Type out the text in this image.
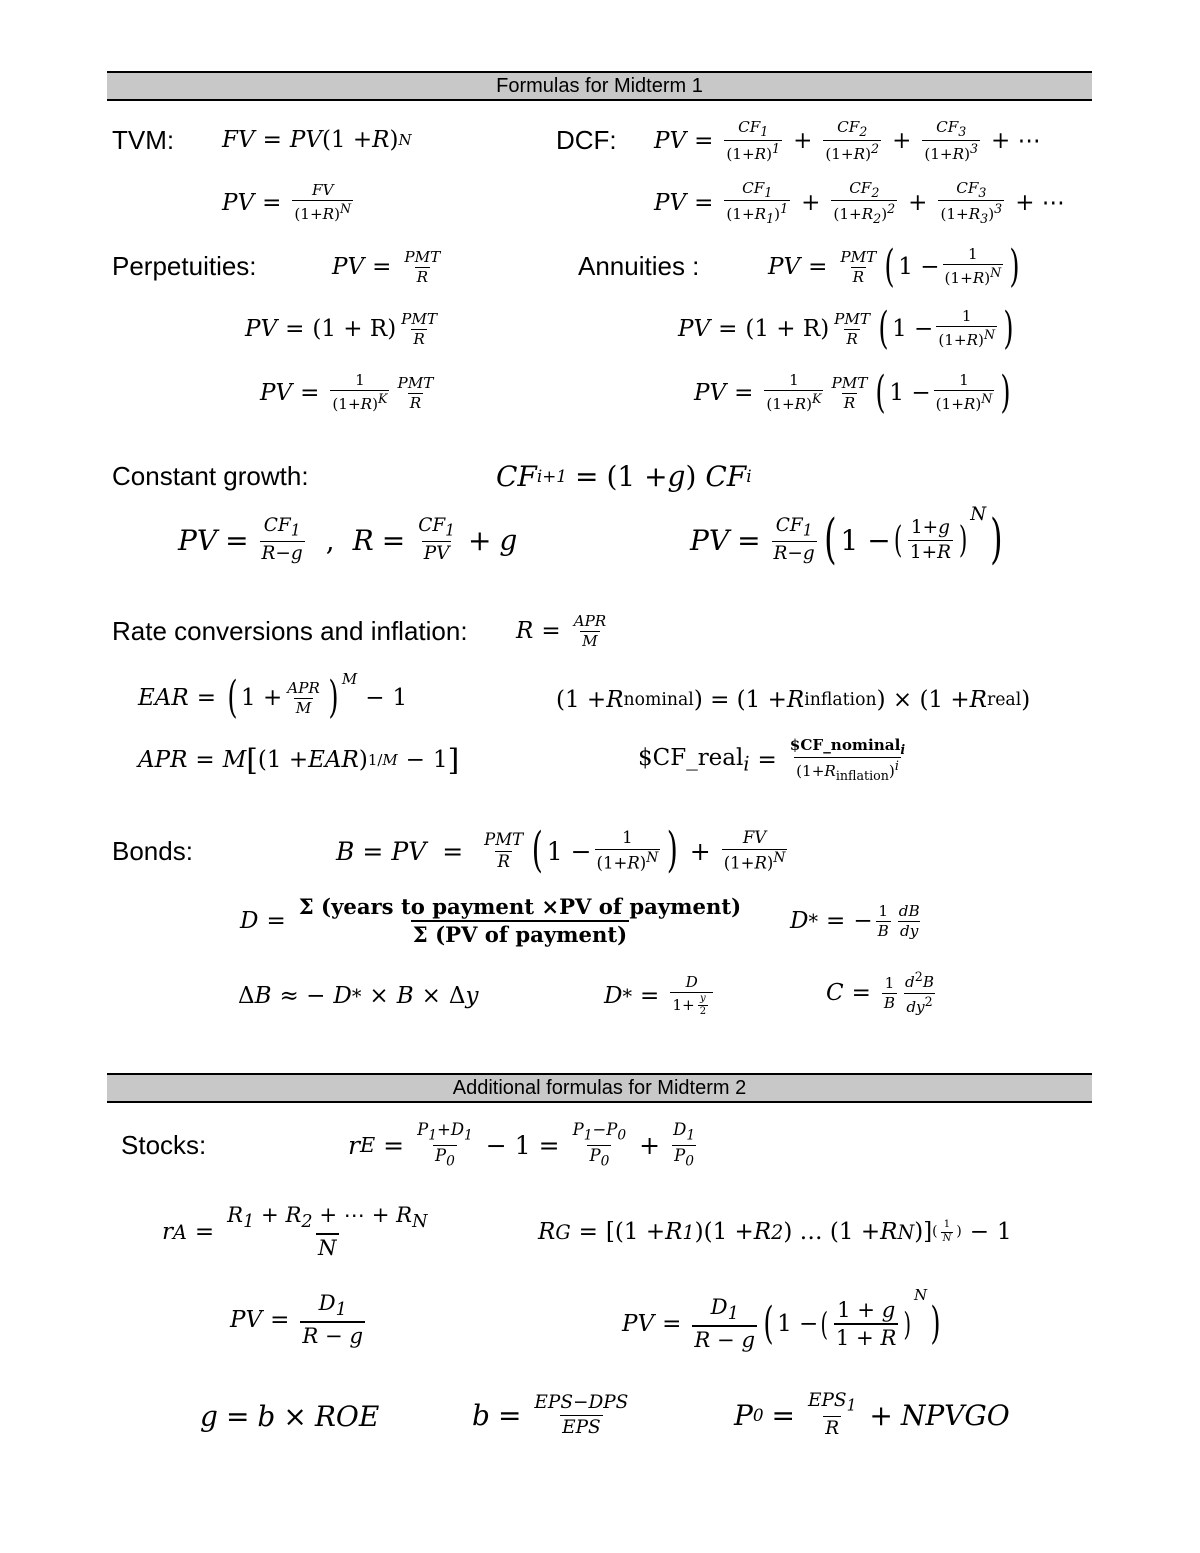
Formulas for Midterm 1
TVM: FV = PV (1 + R ) N
PV = $\frac{FV}{(1+R)^N}$
DCF: PV = $\frac{CF_1}{(1+R)^1} + \frac{CF_2}{(1+R)^2} + \frac{CF_3}{(1+R)^3}$ + ⋯
PV = $\frac{CF_1}{(1+R_1)^1} + \frac{CF_2}{(1+R_2)^2} + \frac{CF_3}{(1+R_3)^3}$ + ⋯
Perpetuities:	PV = PMT
R
PV = (1 + R) PMT
R
PV = $\frac{1}{(1+R)^K}$ PMT
R
Annuities :	PV = PMT
R ( $1 - \frac{1}{(1+R)^N}$ )
PV = (1 + R) PMT
R ( $1 - \frac{1}{(1+R)^N}$ )
PV = $\frac{1}{(1+R)^K}$ PMT
R ( $1 - \frac{1}{(1+R)^N}$ )
Constant growth:	CF i+1 = (1 + g ) CF i
PV = $\frac{CF_1}{R-g}$ , $R = \frac{CF_1}{PV} + g$	PV = $\frac{CF_1}{R-g}$ ( 1 − ( 1+g
1+R )
$^N$ )
Rate conversions and inflation: R = APR
M
EAR = ( 1 + APR
M )$^M$
− 1	(1 + R nominal ) = (1 + R inflation ) × (1 + R real )
APR = M [ (1 + EAR ) 1/M − 1 ]	$CF_real$_i$ =
$CF_nominal$_i$
$(1+R_{inflation})^i$
Bonds:	B = PV = PMT
R ( $1 - \frac{1}{(1+R)^N}$ ) + $\frac{FV}{(1+R)^N}$
D =
Σ (years to payment ×PV of payment)
Σ (PV of payment)
D * = − $\frac{1}{B}$ dB
dy
Δ B ≈ − D * × B × Δ y	D * = $\frac{D}{1+ \frac{y}{2}}$	$C = \frac{1}{B} d^2B$
$dy^2$
Additional formulas for Midterm 2
Stocks:	r $E = \frac{P_1+D_1}{P_0} - 1 = \frac{P_1-P_0}{P_0} + \frac{D_1}{P_0}$
r $A = \frac{R_1 + R_2 + \cdots + R_N}{N}$	R G = [(1 + R 1 )(1 + R 2 ) … (1 + R N )] ( $\frac{1}{N}$ ) − 1
PV = $\frac{D_1}{R - g}$	PV = $\frac{D_1}{R - g}$ ( 1 − ( 1 + g
1 + R )
N
)
g = b × ROE	b = EPS−DPS
EPS	P $0 = EPS_1$
R + NPVGO
